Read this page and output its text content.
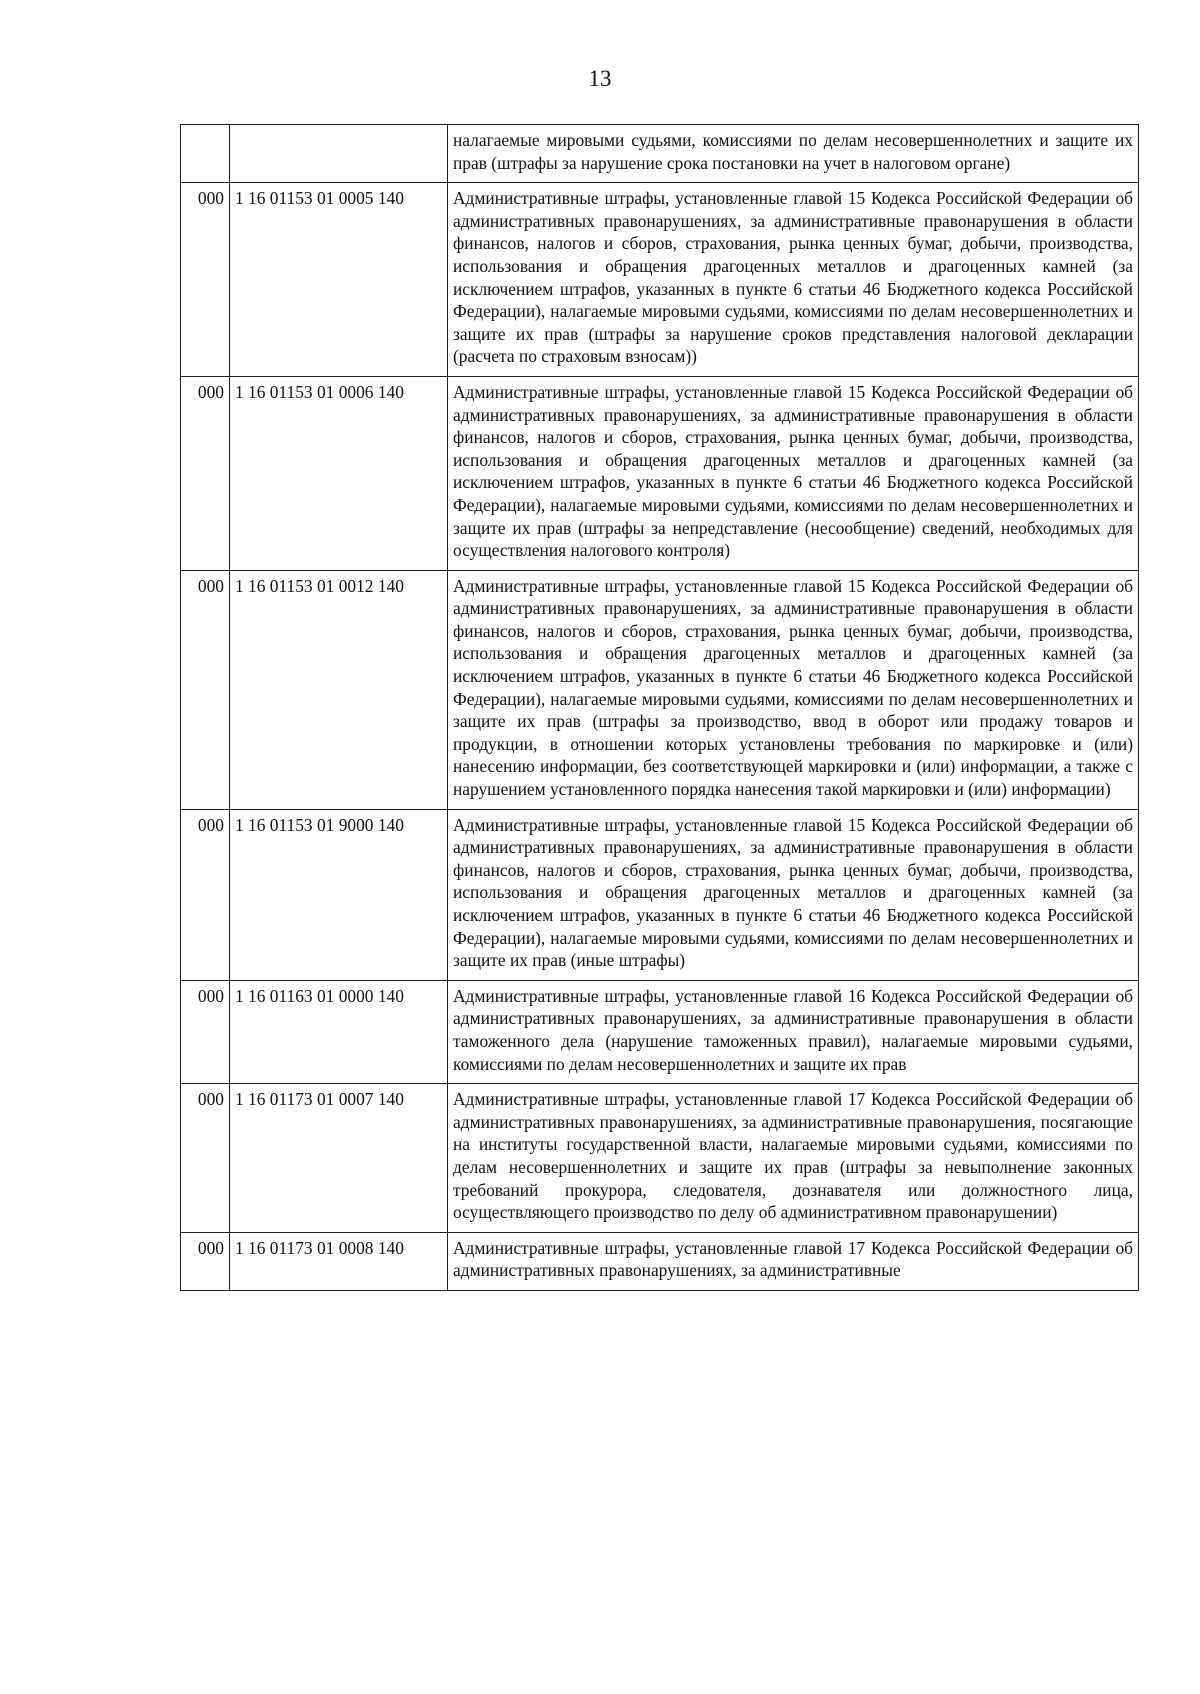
13
		налагаемые мировыми судьями, комиссиями по делам несовершеннолетних и защите их прав (штрафы за нарушение срока постановки на учет в налоговом органе)
000	1 16 01153 01 0005 140	Административные штрафы, установленные главой 15 Кодекса Российской Федерации об административных правонарушениях, за административные правонарушения в области финансов, налогов и сборов, страхования, рынка ценных бумаг, добычи, производства, использования и обращения драгоценных металлов и драгоценных камней (за исключением штрафов, указанных в пункте 6 статьи 46 Бюджетного кодекса Российской Федерации), налагаемые мировыми судьями, комиссиями по делам несовершеннолетних и защите их прав (штрафы за нарушение сроков представления налоговой декларации (расчета по страховым взносам))
000	1 16 01153 01 0006 140	Административные штрафы, установленные главой 15 Кодекса Российской Федерации об административных правонарушениях, за административные правонарушения в области финансов, налогов и сборов, страхования, рынка ценных бумаг, добычи, производства, использования и обращения драгоценных металлов и драгоценных камней (за исключением штрафов, указанных в пункте 6 статьи 46 Бюджетного кодекса Российской Федерации), налагаемые мировыми судьями, комиссиями по делам несовершеннолетних и защите их прав (штрафы за непредставление (несообщение) сведений, необходимых для осуществления налогового контроля)
000	1 16 01153 01 0012 140	Административные штрафы, установленные главой 15 Кодекса Российской Федерации об административных правонарушениях, за административные правонарушения в области финансов, налогов и сборов, страхования, рынка ценных бумаг, добычи, производства, использования и обращения драгоценных металлов и драгоценных камней (за исключением штрафов, указанных в пункте 6 статьи 46 Бюджетного кодекса Российской Федерации), налагаемые мировыми судьями, комиссиями по делам несовершеннолетних и защите их прав (штрафы за производство, ввод в оборот или продажу товаров и продукции, в отношении которых установлены требования по маркировке и (или) нанесению информации, без соответствующей маркировки и (или) информации, а также с нарушением установленного порядка нанесения такой маркировки и (или) информации)
000	1 16 01153 01 9000 140	Административные штрафы, установленные главой 15 Кодекса Российской Федерации об административных правонарушениях, за административные правонарушения в области финансов, налогов и сборов, страхования, рынка ценных бумаг, добычи, производства, использования и обращения драгоценных металлов и драгоценных камней (за исключением штрафов, указанных в пункте 6 статьи 46 Бюджетного кодекса Российской Федерации), налагаемые мировыми судьями, комиссиями по делам несовершеннолетних и защите их прав (иные штрафы)
000	1 16 01163 01 0000 140	Административные штрафы, установленные главой 16 Кодекса Российской Федерации об административных правонарушениях, за административные правонарушения в области таможенного дела (нарушение таможенных правил), налагаемые мировыми судьями, комиссиями по делам несовершеннолетних и защите их прав
000	1 16 01173 01 0007 140	Административные штрафы, установленные главой 17 Кодекса Российской Федерации об административных правонарушениях, за административные правонарушения, посягающие на институты государственной власти, налагаемые мировыми судьями, комиссиями по делам несовершеннолетних и защите их прав (штрафы за невыполнение законных требований прокурора, следователя, дознавателя или должностного лица, осуществляющего производство по делу об административном правонарушении)
000	1 16 01173 01 0008 140	Административные штрафы, установленные главой 17 Кодекса Российской Федерации об административных правонарушениях, за административные
